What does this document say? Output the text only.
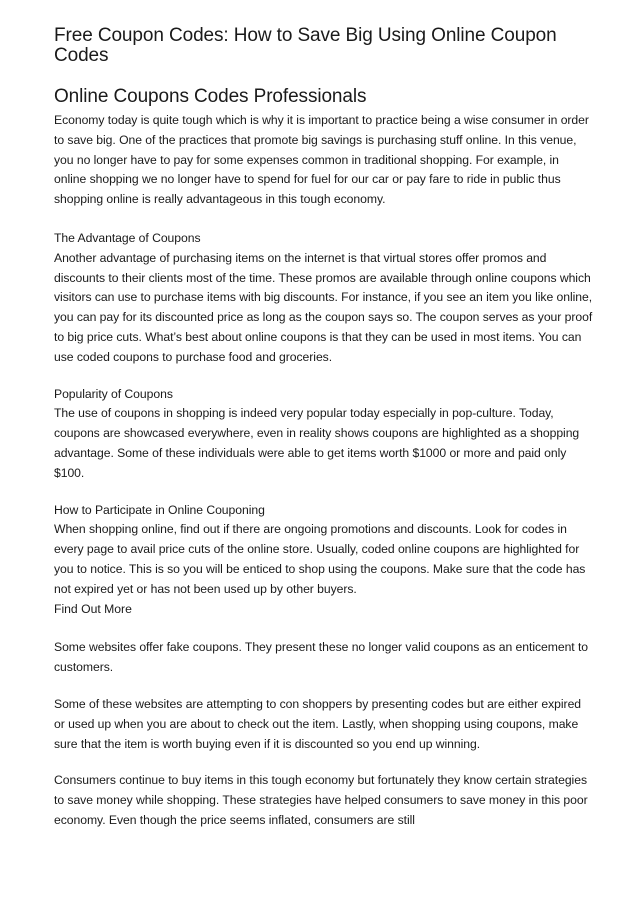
Free Coupon Codes: How to Save Big Using Online Coupon Codes
Online Coupons Codes Professionals

Economy today is quite tough which is why it is important to practice being a wise consumer in order to save big. One of the practices that promote big savings is purchasing stuff online. In this venue, you no longer have to pay for some expenses common in traditional shopping. For example, in online shopping we no longer have to spend for fuel for our car or pay fare to ride in public thus shopping online is really advantageous in this tough economy.

The Advantage of Coupons
Another advantage of purchasing items on the internet is that virtual stores offer promos and discounts to their clients most of the time. These promos are available through online coupons which visitors can use to purchase items with big discounts. For instance, if you see an item you like online, you can pay for its discounted price as long as the coupon says so. The coupon serves as your proof to big price cuts. What’s best about online coupons is that they can be used in most items. You can use coded coupons to purchase food and groceries.
Popularity of Coupons
The use of coupons in shopping is indeed very popular today especially in pop-culture. Today, coupons are showcased everywhere, even in reality shows coupons are highlighted as a shopping advantage. Some of these individuals were able to get items worth $1000 or more and paid only $100.
How to Participate in Online Couponing
When shopping online, find out if there are ongoing promotions and discounts. Look for codes in every page to avail price cuts of the online store. Usually, coded online coupons are highlighted for you to notice. This is so you will be enticed to shop using the coupons. Make sure that the code has not expired yet or has not been used up by other buyers.
Find Out More

Some websites offer fake coupons. They present these no longer valid coupons as an enticement to customers.

Some of these websites are attempting to con shoppers by presenting codes but are either expired or used up when you are about to check out the item. Lastly, when shopping using coupons, make sure that the item is worth buying even if it is discounted so you end up winning.

Consumers continue to buy items in this tough economy but fortunately they know certain strategies to save money while shopping. These strategies have helped consumers to save money in this poor economy. Even though the price seems inflated, consumers are still
